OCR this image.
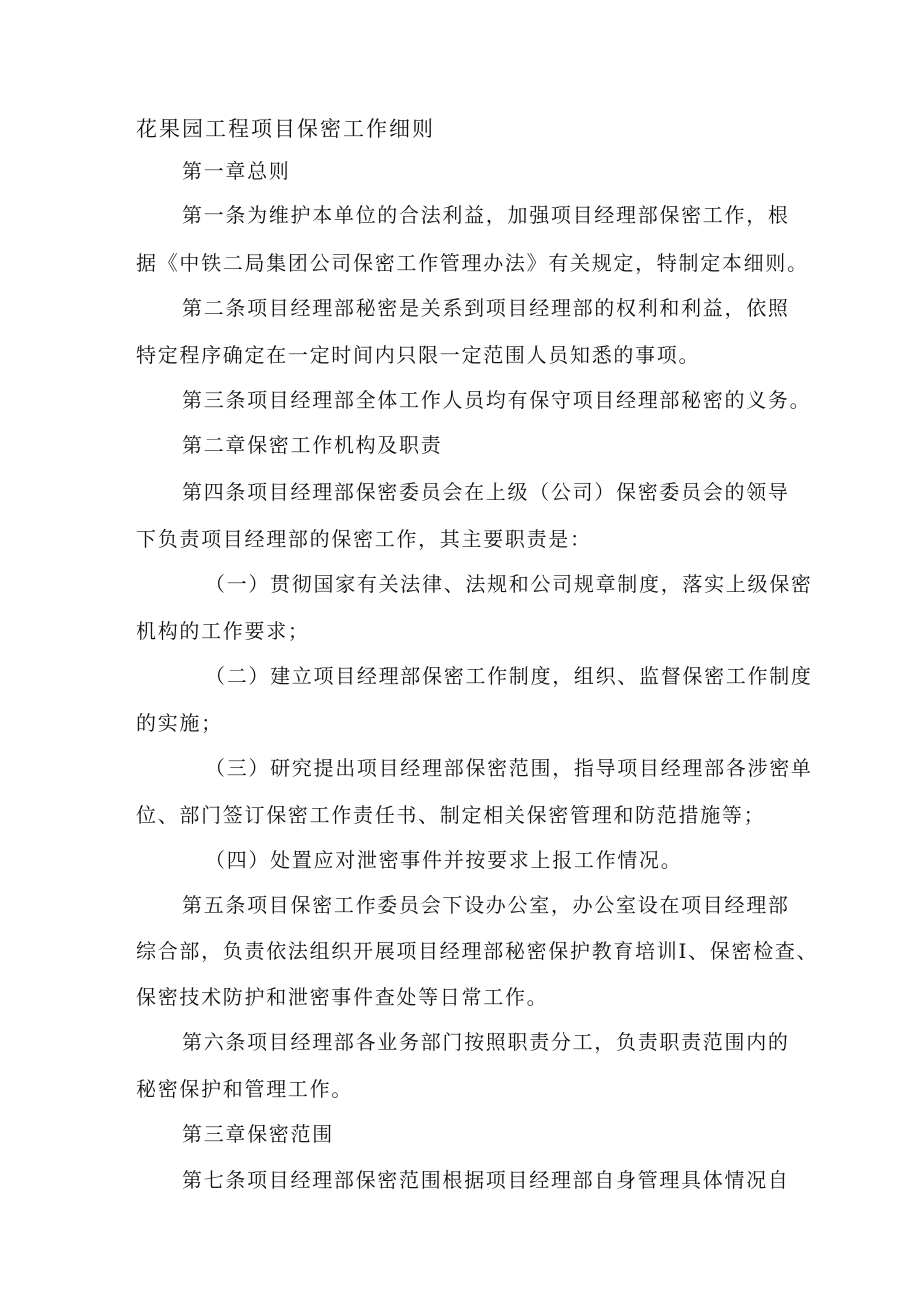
花果园工程项目保密工作细则
第一章总则
第一条为维护本单位的合法利益，加强项目经理部保密工作，根
据《中铁二局集团公司保密工作管理办法》有关规定，特制定本细则。
第二条项目经理部秘密是关系到项目经理部的权利和利益，依照
特定程序确定在一定时间内只限一定范围人员知悉的事项。
第三条项目经理部全体工作人员均有保守项目经理部秘密的义务。
第二章保密工作机构及职责
第四条项目经理部保密委员会在上级（公司）保密委员会的领导
下负责项目经理部的保密工作，其主要职责是：
（一）贯彻国家有关法律、法规和公司规章制度，落实上级保密
机构的工作要求；
（二）建立项目经理部保密工作制度，组织、监督保密工作制度
的实施；
（三）研究提出项目经理部保密范围，指导项目经理部各涉密单
位、部门签订保密工作责任书、制定相关保密管理和防范措施等；
（四）处置应对泄密事件并按要求上报工作情况。
第五条项目保密工作委员会下设办公室，办公室设在项目经理部
综合部，负责依法组织开展项目经理部秘密保护教育培训Ⅰ、保密检查、
保密技术防护和泄密事件查处等日常工作。
第六条项目经理部各业务部门按照职责分工，负责职责范围内的
秘密保护和管理工作。
第三章保密范围
第七条项目经理部保密范围根据项目经理部自身管理具体情况自
